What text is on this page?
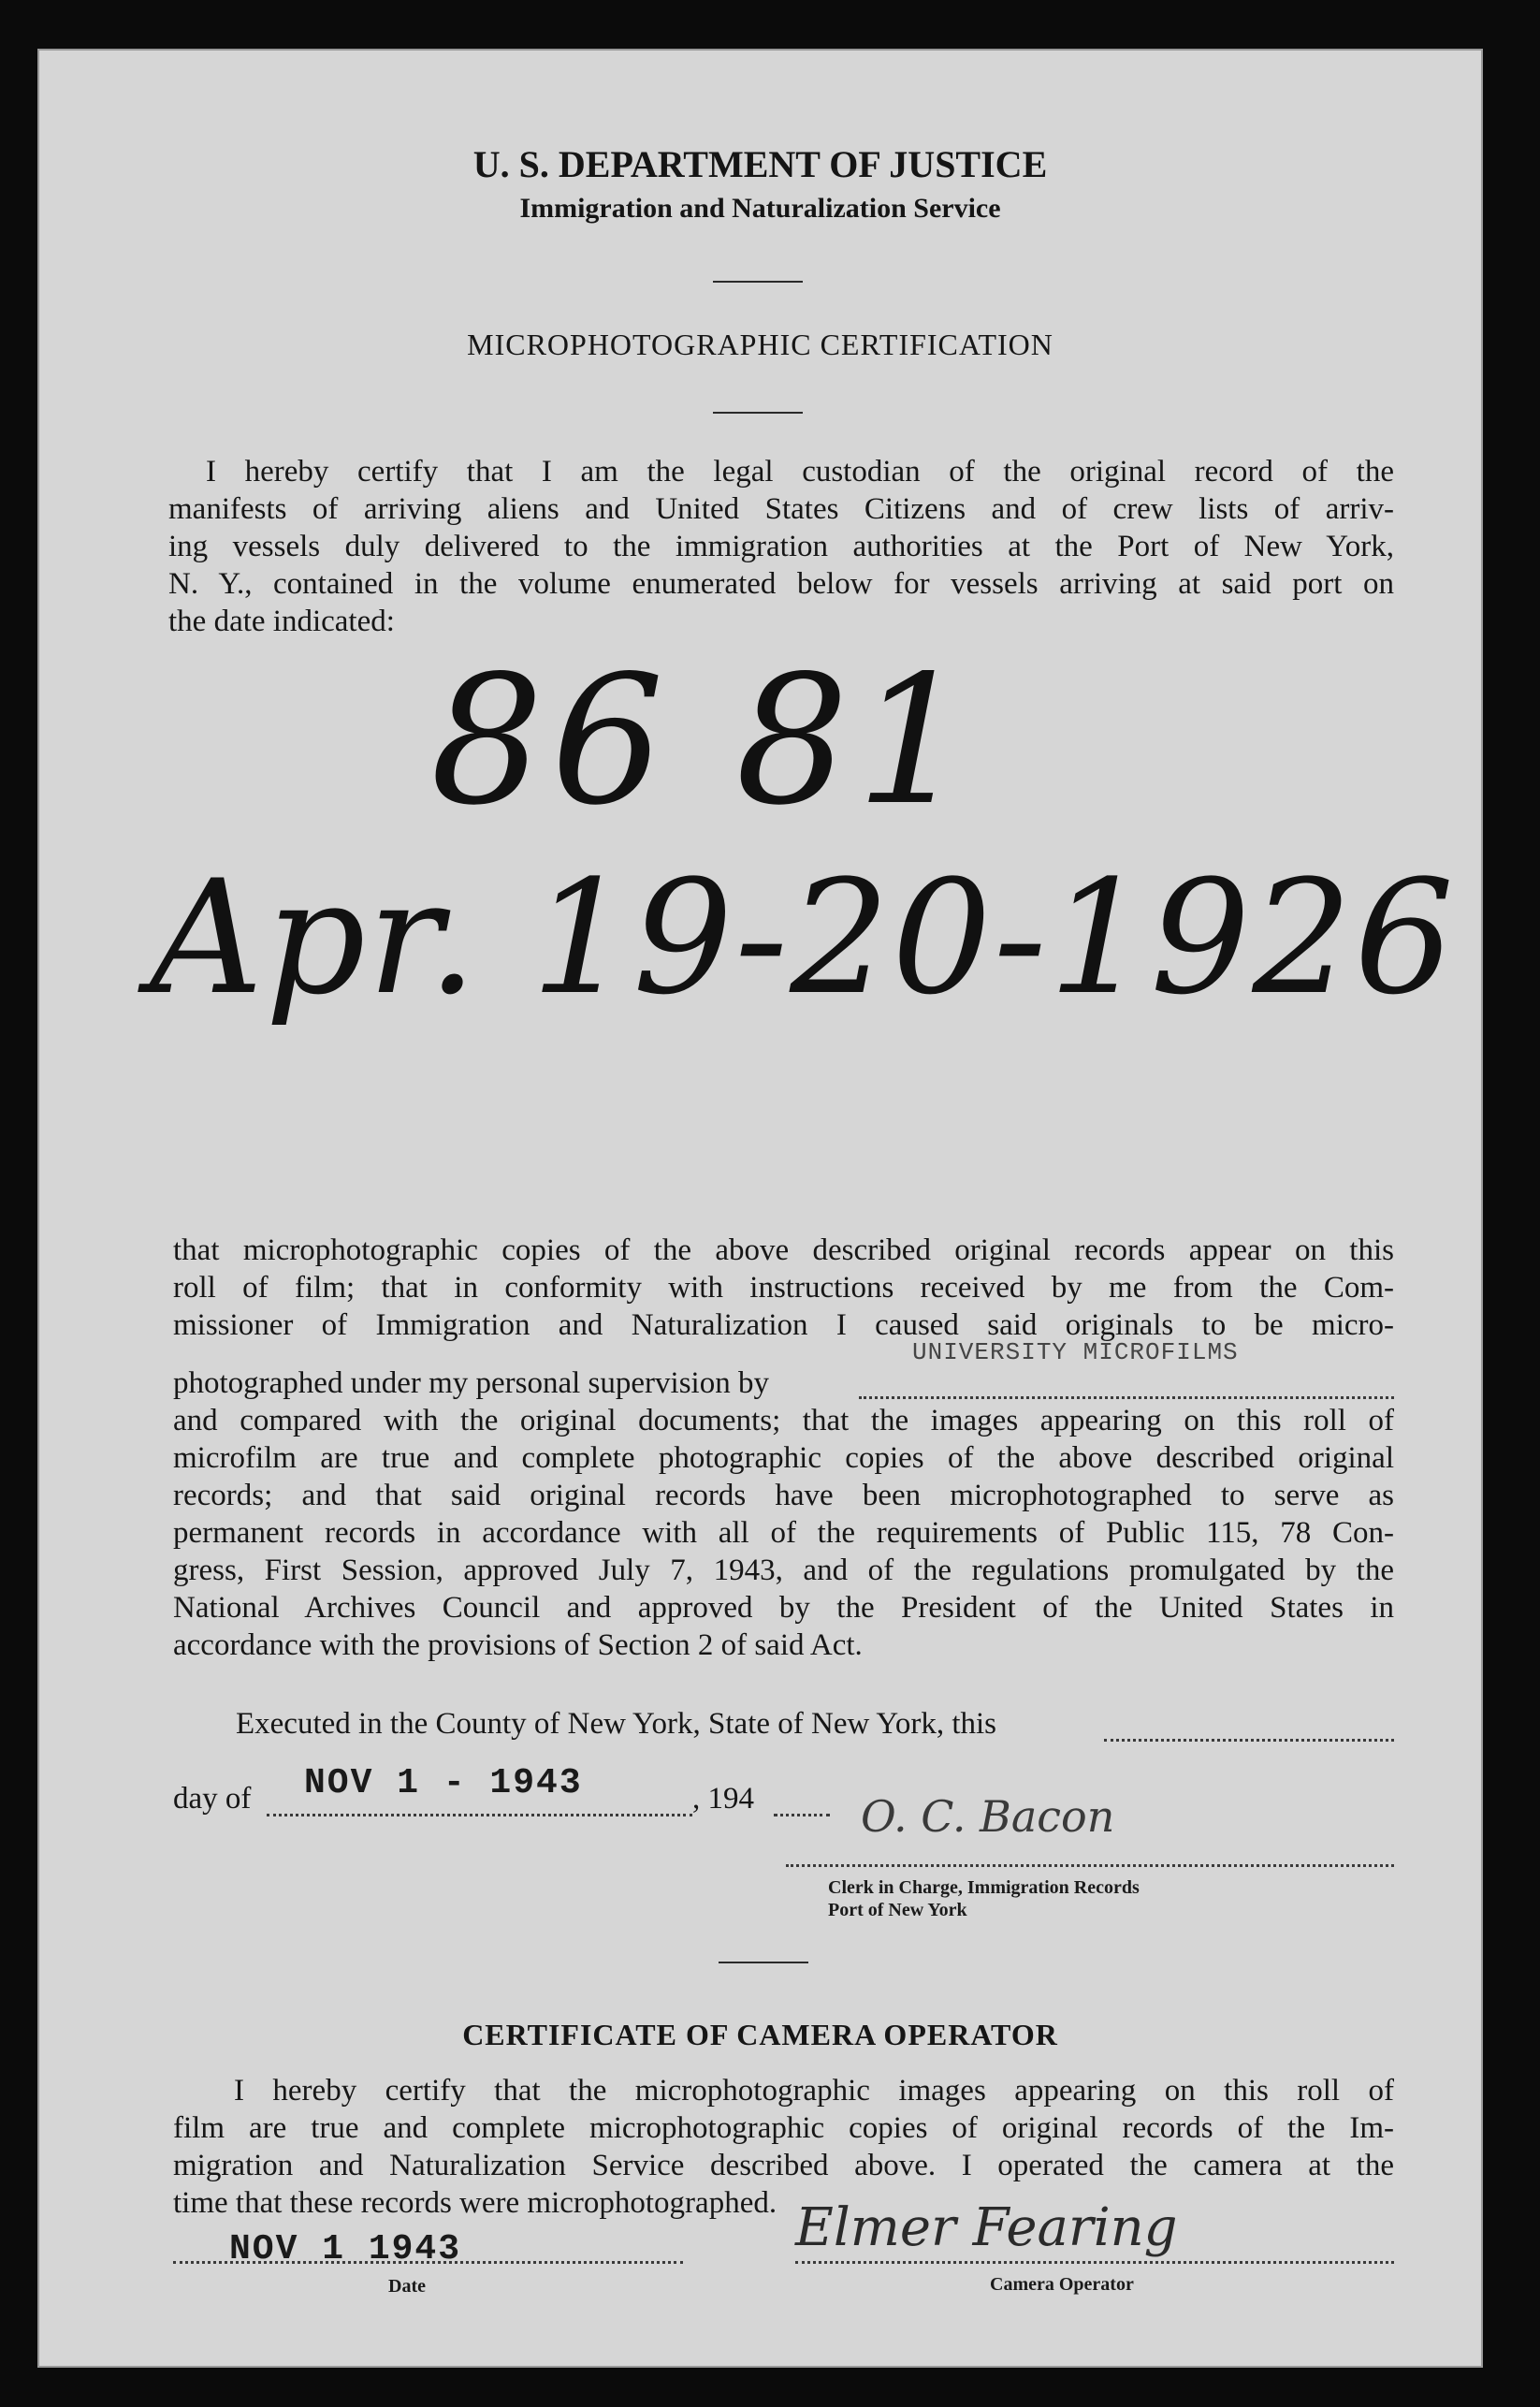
U. S. DEPARTMENT OF JUSTICE
Immigration and Naturalization Service
MICROPHOTOGRAPHIC CERTIFICATION
I hereby certify that I am the legal custodian of the original record of the
manifests of arriving aliens and United States Citizens and of crew lists of arriv-
ing vessels duly delivered to the immigration authorities at the Port of New York,
N. Y., contained in the volume enumerated below for vessels arriving at said port on
the date indicated:
86 81
Apr. 19-20-1926
that microphotographic copies of the above described original records appear on this
roll of film; that in conformity with instructions received by me from the Com-
missioner of Immigration and Naturalization I caused said originals to be micro-
photographed under my personal supervision by
UNIVERSITY MICROFILMS
and compared with the original documents; that the images appearing on this roll of
microfilm are true and complete photographic copies of the above described original
records; and that said original records have been microphotographed to serve as
permanent records in accordance with all of the requirements of Public 115, 78 Con-
gress, First Session, approved July 7, 1943, and of the regulations promulgated by the
National Archives Council and approved by the President of the United States in
accordance with the provisions of Section 2 of said Act.
Executed in the County of New York, State of New York, this
day of NOV 1 - 1943	, 194 O. C. Bacon
Clerk in Charge, Immigration Records
Port of New York
CERTIFICATE OF CAMERA OPERATOR
I hereby certify that the microphotographic images appearing on this roll of
film are true and complete microphotographic copies of original records of the Im-
migration and Naturalization Service described above. I operated the camera at the
time that these records were microphotographed.
NOV 1 1943
Date
Elmer Fearing
Camera Operator
